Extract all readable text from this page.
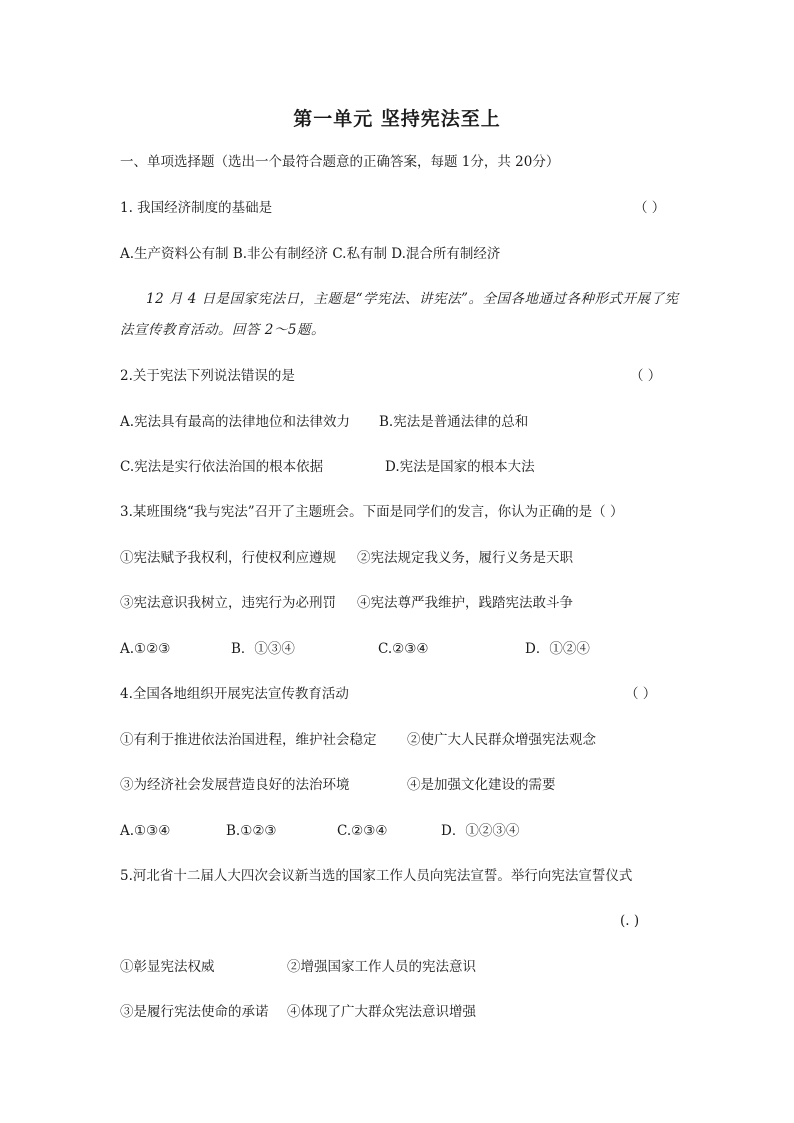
第一单元 坚持宪法至上
一、单项选择题（选出一个最符合题意的正确答案，每题 1分，共 20分）
1. 我国经济制度的基础是	（ ）
A.生产资料公有制 B.非公有制经济 C.私有制 D.混合所有制经济
12 月 4 日是国家宪法日，主题是“学宪法、讲宪法”。全国各地通过各种形式开展了宪
法宣传教育活动。回答 2～5题。
2.关于宪法下列说法错误的是	（ ）
A.宪法具有最高的法律地位和法律效力 B.宪法是普通法律的总和
C.宪法是实行依法治国的根本依据	D.宪法是国家的根本大法
3.某班围绕“我与宪法”召开了主题班会。下面是同学们的发言，你认为正确的是（ ）
①宪法赋予我权利，行使权利应遵规 ②宪法规定我义务，履行义务是天职
③宪法意识我树立，违宪行为必刑罚 ④宪法尊严我维护，践踏宪法敢斗争
A.①②③	B．①③④	C.②③④	D．①②④
4.全国各地组织开展宪法宣传教育活动	（ ）
①有利于推进依法治国进程，维护社会稳定 ②使广大人民群众增强宪法观念
③为经济社会发展营造良好的法治环境	④是加强文化建设的需要
A.①③④	B.①②③	C.②③④	D．①②③④
5.河北省十二届人大四次会议新当选的国家工作人员向宪法宣誓。举行向宪法宣誓仪式
(. )
①彰显宪法权威	②增强国家工作人员的宪法意识
③是履行宪法使命的承诺 ④体现了广大群众宪法意识增强
